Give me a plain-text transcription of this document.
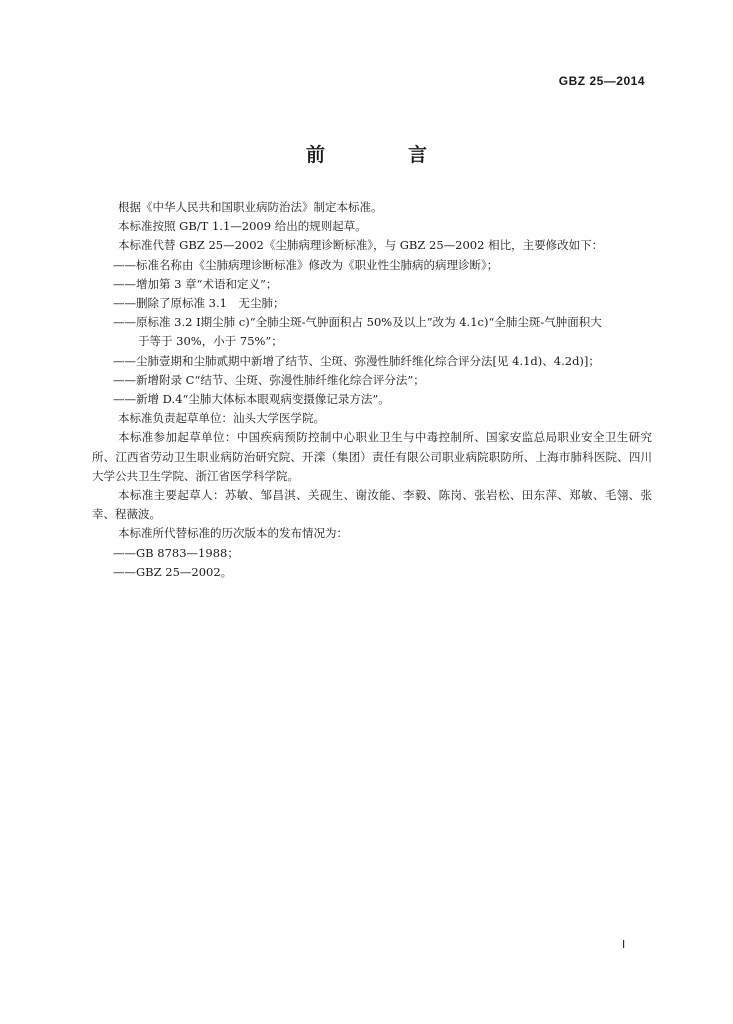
GBZ 25—2014
前　言

根据《中华人民共和国职业病防治法》制定本标准。

本标准按照 GB/T 1.1—2009 给出的规则起草。

本标准代替 GBZ 25—2002《尘肺病理诊断标准》，与 GBZ 25—2002 相比，主要修改如下：

——标准名称由《尘肺病理诊断标准》修改为《职业性尘肺病的病理诊断》；

——增加第 3 章“术语和定义”；

——删除了原标准 3.1　无尘肺；

——原标准 3.2 Ⅰ期尘肺 c)“全肺尘斑-气肿面积占 50%及以上”改为 4.1c)“全肺尘斑-气肿面积大

于等于 30%，小于 75%”；

——尘肺壹期和尘肺贰期中新增了结节、尘斑、弥漫性肺纤维化综合评分法[见 4.1d)、4.2d)]；

——新增附录 C“结节、尘斑、弥漫性肺纤维化综合评分法”；

——新增 D.4“尘肺大体标本眼观病变摄像记录方法”。

本标准负责起草单位：汕头大学医学院。

本标准参加起草单位：中国疾病预防控制中心职业卫生与中毒控制所、国家安监总局职业安全卫生研究所、江西省劳动卫生职业病防治研究院、开滦（集团）责任有限公司职业病院职防所、上海市肺科医院、四川大学公共卫生学院、浙江省医学科学院。

本标准主要起草人：苏敏、邹昌淇、关砚生、谢汝能、李毅、陈岗、张岩松、田东萍、郑敏、毛翎、张幸、程薇波。

本标准所代替标准的历次版本的发布情况为：

——GB 8783—1988；

——GBZ 25—2002。

I
